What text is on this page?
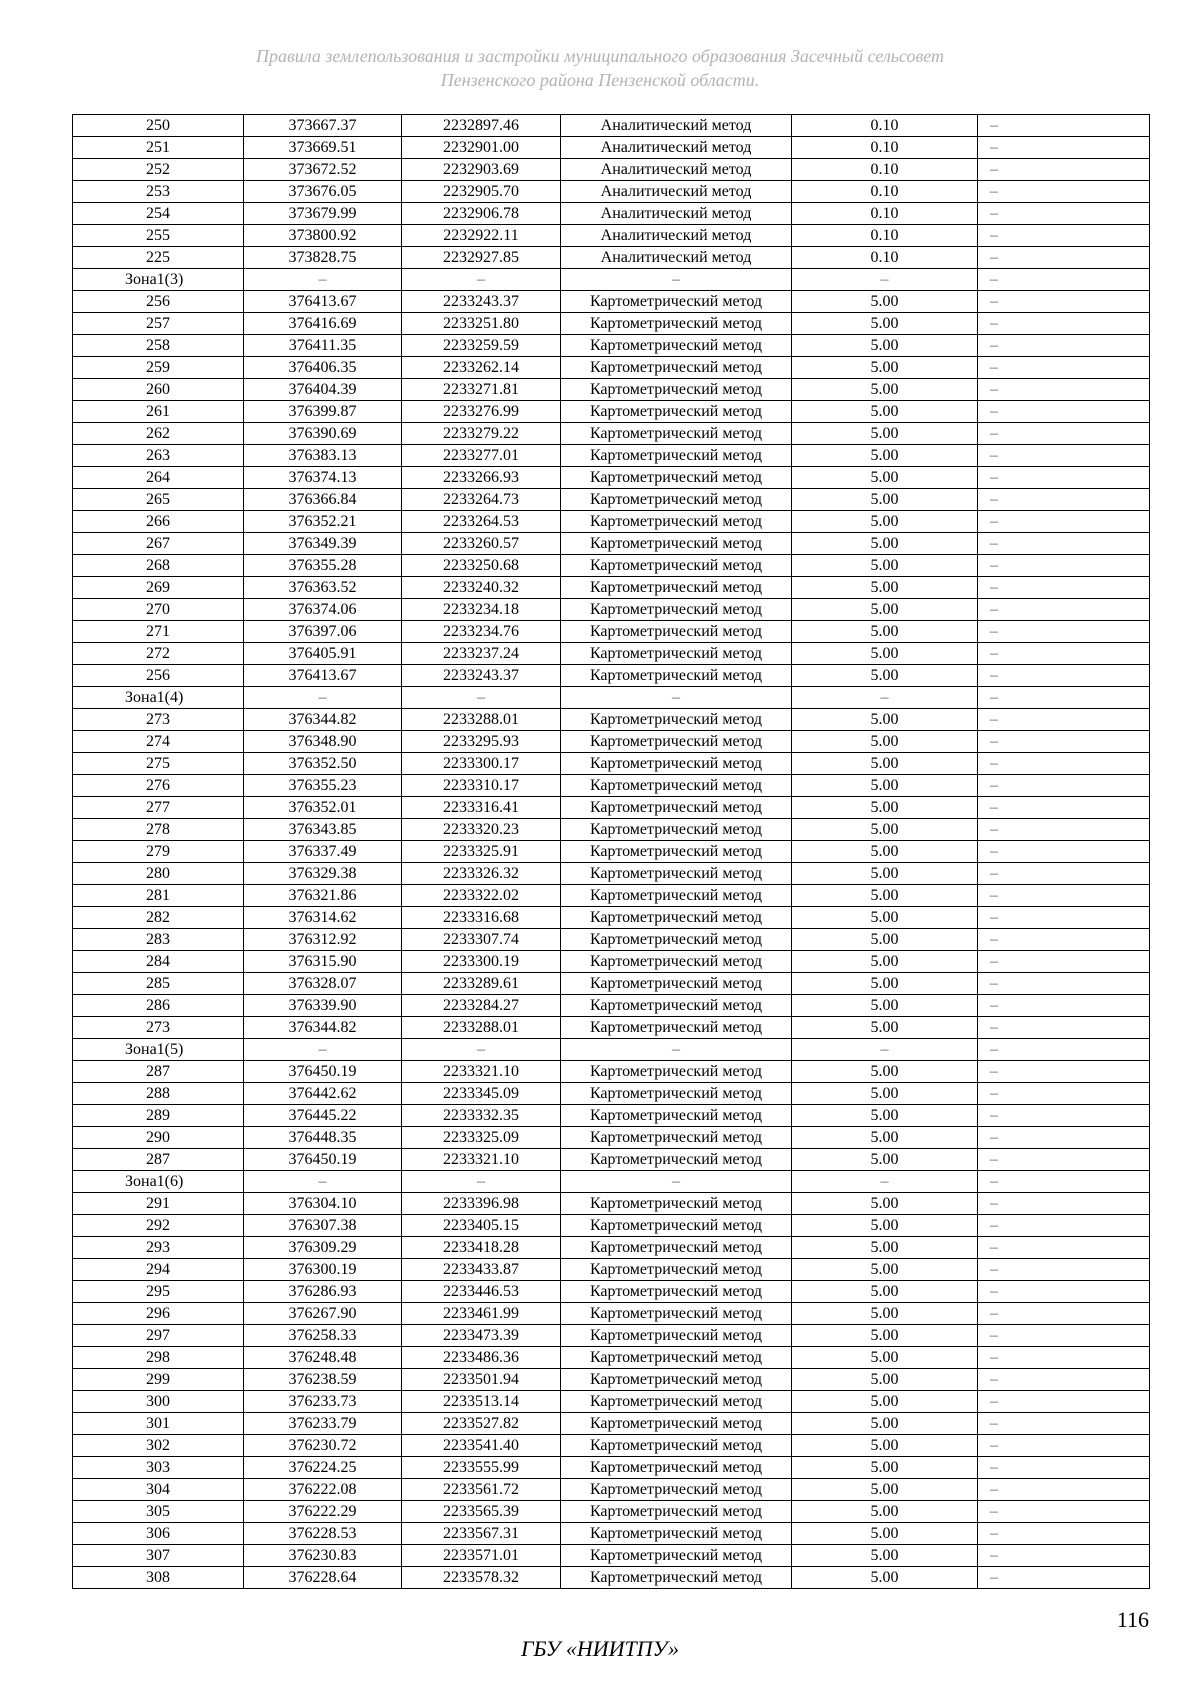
Правила землепользования и застройки муниципального образования Засечный сельсовет
Пензенского района Пензенской области.
250	373667.37	2232897.46	Аналитический метод	0.10	–
251	373669.51	2232901.00	Аналитический метод	0.10	–
252	373672.52	2232903.69	Аналитический метод	0.10	–
253	373676.05	2232905.70	Аналитический метод	0.10	–
254	373679.99	2232906.78	Аналитический метод	0.10	–
255	373800.92	2232922.11	Аналитический метод	0.10	–
225	373828.75	2232927.85	Аналитический метод	0.10	–
Зона1(3)	–	–	–	–	–
256	376413.67	2233243.37	Картометрический метод	5.00	–
257	376416.69	2233251.80	Картометрический метод	5.00	–
258	376411.35	2233259.59	Картометрический метод	5.00	–
259	376406.35	2233262.14	Картометрический метод	5.00	–
260	376404.39	2233271.81	Картометрический метод	5.00	–
261	376399.87	2233276.99	Картометрический метод	5.00	–
262	376390.69	2233279.22	Картометрический метод	5.00	–
263	376383.13	2233277.01	Картометрический метод	5.00	–
264	376374.13	2233266.93	Картометрический метод	5.00	–
265	376366.84	2233264.73	Картометрический метод	5.00	–
266	376352.21	2233264.53	Картометрический метод	5.00	–
267	376349.39	2233260.57	Картометрический метод	5.00	–
268	376355.28	2233250.68	Картометрический метод	5.00	–
269	376363.52	2233240.32	Картометрический метод	5.00	–
270	376374.06	2233234.18	Картометрический метод	5.00	–
271	376397.06	2233234.76	Картометрический метод	5.00	–
272	376405.91	2233237.24	Картометрический метод	5.00	–
256	376413.67	2233243.37	Картометрический метод	5.00	–
Зона1(4)	–	–	–	–	–
273	376344.82	2233288.01	Картометрический метод	5.00	–
274	376348.90	2233295.93	Картометрический метод	5.00	–
275	376352.50	2233300.17	Картометрический метод	5.00	–
276	376355.23	2233310.17	Картометрический метод	5.00	–
277	376352.01	2233316.41	Картометрический метод	5.00	–
278	376343.85	2233320.23	Картометрический метод	5.00	–
279	376337.49	2233325.91	Картометрический метод	5.00	–
280	376329.38	2233326.32	Картометрический метод	5.00	–
281	376321.86	2233322.02	Картометрический метод	5.00	–
282	376314.62	2233316.68	Картометрический метод	5.00	–
283	376312.92	2233307.74	Картометрический метод	5.00	–
284	376315.90	2233300.19	Картометрический метод	5.00	–
285	376328.07	2233289.61	Картометрический метод	5.00	–
286	376339.90	2233284.27	Картометрический метод	5.00	–
273	376344.82	2233288.01	Картометрический метод	5.00	–
Зона1(5)	–	–	–	–	–
287	376450.19	2233321.10	Картометрический метод	5.00	–
288	376442.62	2233345.09	Картометрический метод	5.00	–
289	376445.22	2233332.35	Картометрический метод	5.00	–
290	376448.35	2233325.09	Картометрический метод	5.00	–
287	376450.19	2233321.10	Картометрический метод	5.00	–
Зона1(6)	–	–	–	–	–
291	376304.10	2233396.98	Картометрический метод	5.00	–
292	376307.38	2233405.15	Картометрический метод	5.00	–
293	376309.29	2233418.28	Картометрический метод	5.00	–
294	376300.19	2233433.87	Картометрический метод	5.00	–
295	376286.93	2233446.53	Картометрический метод	5.00	–
296	376267.90	2233461.99	Картометрический метод	5.00	–
297	376258.33	2233473.39	Картометрический метод	5.00	–
298	376248.48	2233486.36	Картометрический метод	5.00	–
299	376238.59	2233501.94	Картометрический метод	5.00	–
300	376233.73	2233513.14	Картометрический метод	5.00	–
301	376233.79	2233527.82	Картометрический метод	5.00	–
302	376230.72	2233541.40	Картометрический метод	5.00	–
303	376224.25	2233555.99	Картометрический метод	5.00	–
304	376222.08	2233561.72	Картометрический метод	5.00	–
305	376222.29	2233565.39	Картометрический метод	5.00	–
306	376228.53	2233567.31	Картометрический метод	5.00	–
307	376230.83	2233571.01	Картометрический метод	5.00	–
308	376228.64	2233578.32	Картометрический метод	5.00	–
116
ГБУ «НИИТПУ»
